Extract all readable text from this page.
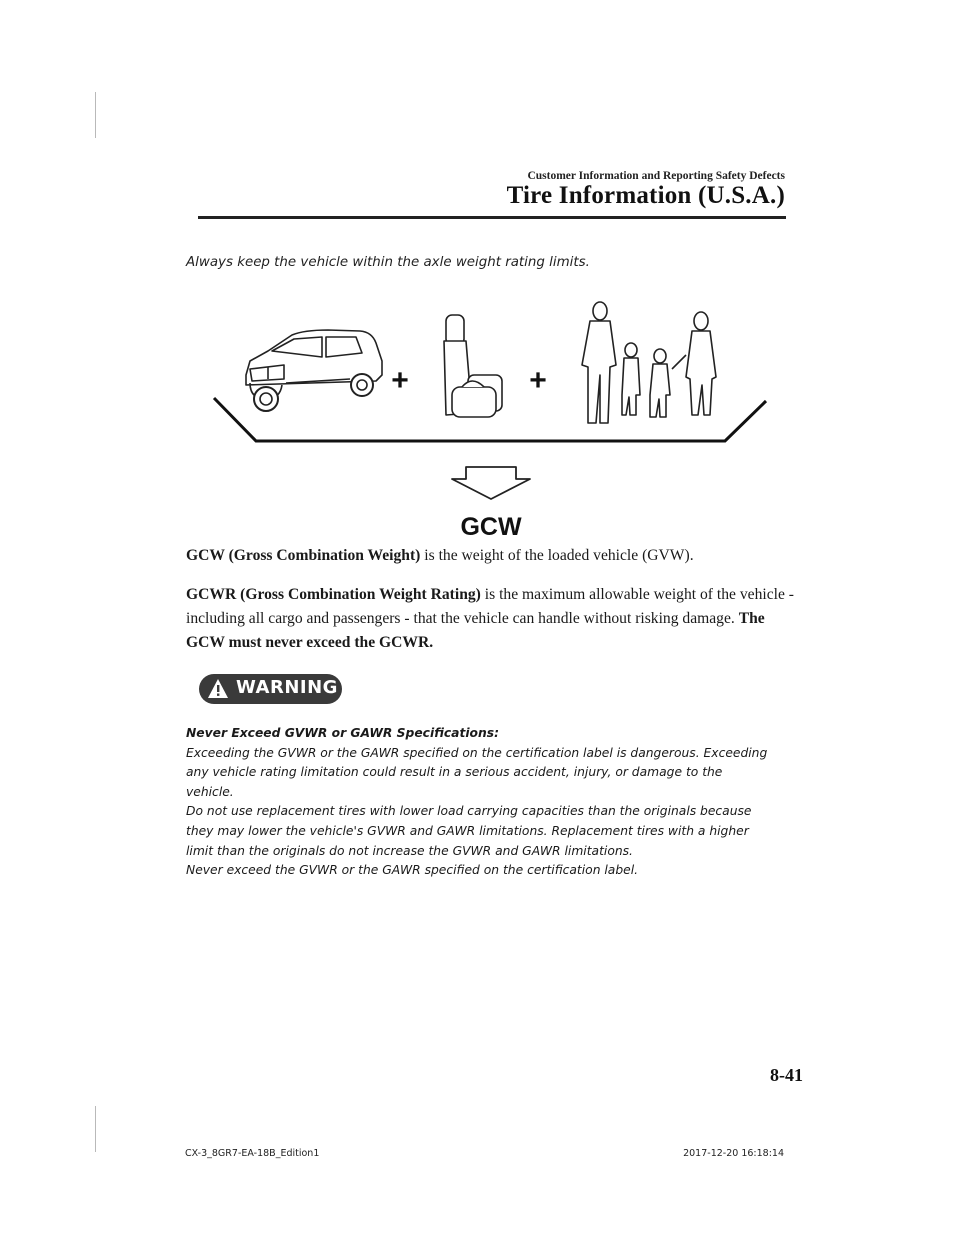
Customer Information and Reporting Safety Defects
Tire Information (U.S.A.)
Always keep the vehicle within the axle weight rating limits.
+	+
GCW
GCW (Gross Combination Weight) is the weight of the loaded vehicle (GVW).
GCWR (Gross Combination Weight Rating) is the maximum allowable weight of the vehicle - including all cargo and passengers - that the vehicle can handle without risking damage. The GCW must never exceed the GCWR.
WARNING
Never Exceed GVWR or GAWR Specifications:
Exceeding the GVWR or the GAWR specified on the certification label is dangerous. Exceeding
any vehicle rating limitation could result in a serious accident, injury, or damage to the
vehicle.
Do not use replacement tires with lower load carrying capacities than the originals because
they may lower the vehicle's GVWR and GAWR limitations. Replacement tires with a higher
limit than the originals do not increase the GVWR and GAWR limitations.
Never exceed the GVWR or the GAWR specified on the certification label.
8-41
CX-3_8GR7-EA-18B_Edition1	2017-12-20 16:18:14
